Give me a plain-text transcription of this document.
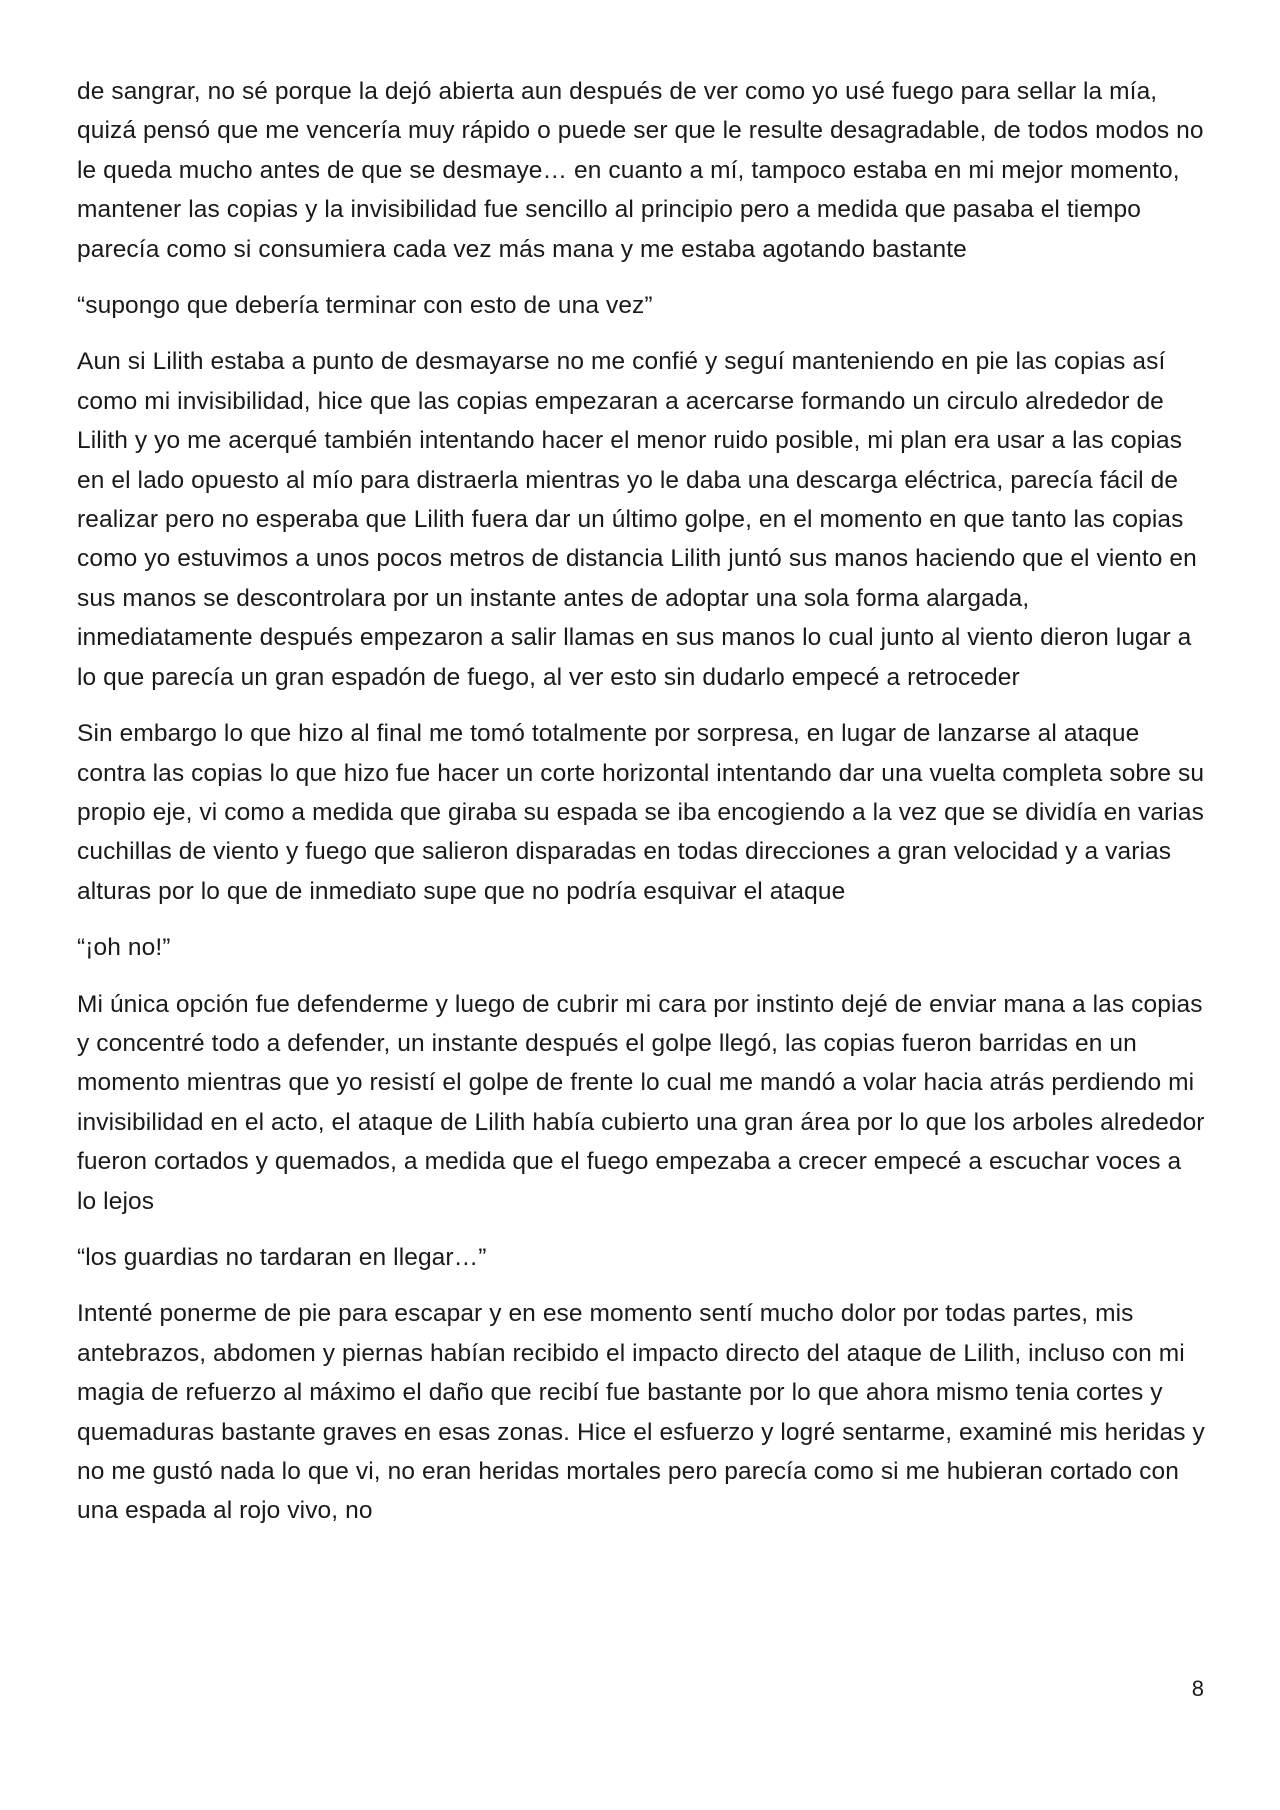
de sangrar, no sé porque la dejó abierta aun después de ver como yo usé fuego para sellar la mía, quizá pensó que me vencería muy rápido o puede ser que le resulte desagradable, de todos modos no le queda mucho antes de que se desmaye… en cuanto a mí, tampoco estaba en mi mejor momento, mantener las copias y la invisibilidad fue sencillo al principio pero a medida que pasaba el tiempo parecía como si consumiera cada vez más mana y me estaba agotando bastante

“supongo que debería terminar con esto de una vez”

Aun si Lilith estaba a punto de desmayarse no me confié y seguí manteniendo en pie las copias así como mi invisibilidad, hice que las copias empezaran a acercarse formando un circulo alrededor de Lilith y yo me acerqué también intentando hacer el menor ruido posible, mi plan era usar a las copias en el lado opuesto al mío para distraerla mientras yo le daba una descarga eléctrica, parecía fácil de realizar pero no esperaba que Lilith fuera dar un último golpe, en el momento en que tanto las copias como yo estuvimos a unos pocos metros de distancia Lilith juntó sus manos haciendo que el viento en sus manos se descontrolara por un instante antes de adoptar una sola forma alargada, inmediatamente después empezaron a salir llamas en sus manos lo cual junto al viento dieron lugar a lo que parecía un gran espadón de fuego, al ver esto sin dudarlo empecé a retroceder

Sin embargo lo que hizo al final me tomó totalmente por sorpresa, en lugar de lanzarse al ataque contra las copias lo que hizo fue hacer un corte horizontal intentando dar una vuelta completa sobre su propio eje, vi como a medida que giraba su espada se iba encogiendo a la vez que se dividía en varias cuchillas de viento y fuego que salieron disparadas en todas direcciones a gran velocidad y a varias alturas por lo que de inmediato supe que no podría esquivar el ataque

“¡oh no!”

Mi única opción fue defenderme y luego de cubrir mi cara por instinto dejé de enviar mana a las copias y concentré todo a defender, un instante después el golpe llegó, las copias fueron barridas en un momento mientras que yo resistí el golpe de frente lo cual me mandó a volar hacia atrás perdiendo mi invisibilidad en el acto, el ataque de Lilith había cubierto una gran área por lo que los arboles alrededor fueron cortados y quemados, a medida que el fuego empezaba a crecer empecé a escuchar voces a lo lejos

“los guardias no tardaran en llegar…”

Intenté ponerme de pie para escapar y en ese momento sentí mucho dolor por todas partes, mis antebrazos, abdomen y piernas habían recibido el impacto directo del ataque de Lilith, incluso con mi magia de refuerzo al máximo el daño que recibí fue bastante por lo que ahora mismo tenia cortes y quemaduras bastante graves en esas zonas. Hice el esfuerzo y logré sentarme, examiné mis heridas y no me gustó nada lo que vi, no eran heridas mortales pero parecía como si me hubieran cortado con una espada al rojo vivo, no

8
